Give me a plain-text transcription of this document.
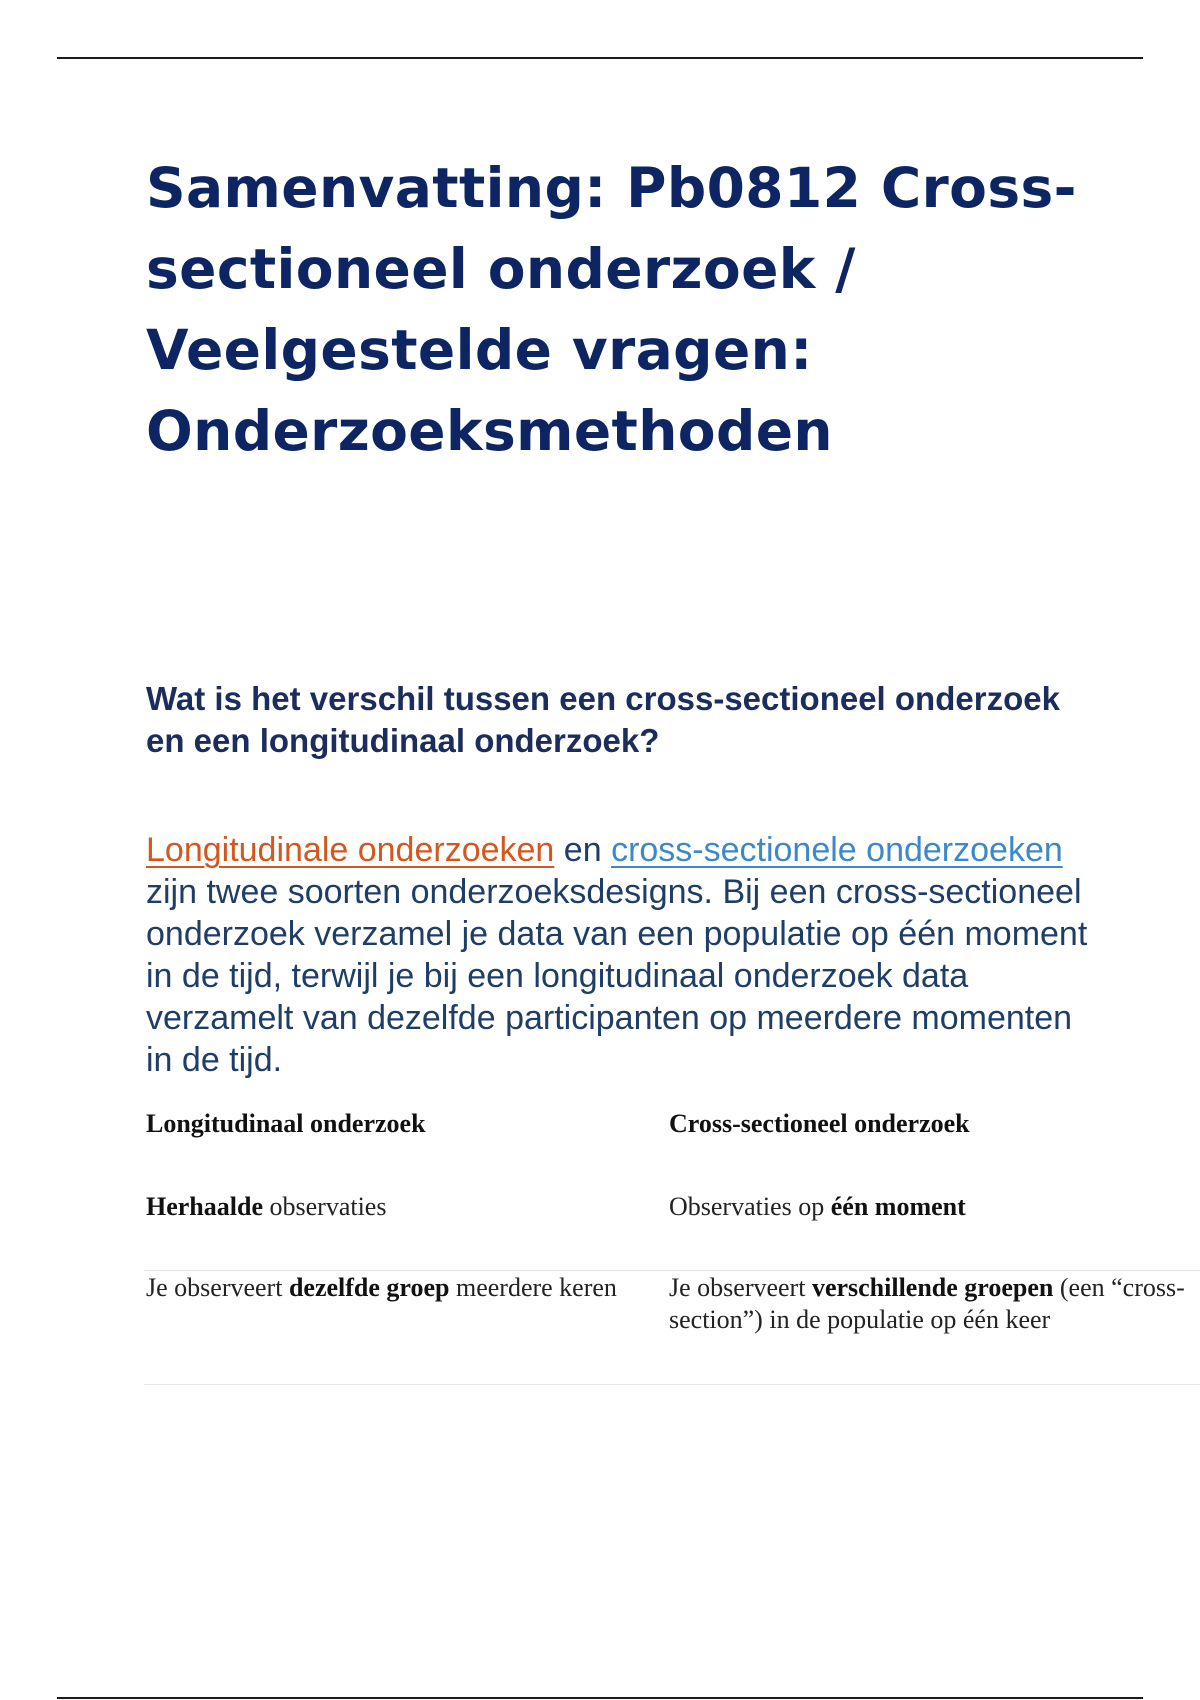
Samenvatting: Pb0812 Cross-sectioneel onderzoek / Veelgestelde vragen: Onderzoeksmethoden
Wat is het verschil tussen een cross-sectioneel onderzoek en een longitudinaal onderzoek?

Longitudinale onderzoeken en cross-sectionele onderzoeken zijn twee soorten onderzoeksdesigns. Bij een cross-sectioneel onderzoek verzamel je data van een populatie op één moment in de tijd, terwijl je bij een longitudinaal onderzoek data verzamelt van dezelfde participanten op meerdere momenten in de tijd.

Longitudinaal onderzoek	Cross-sectioneel onderzoek
Herhaalde observaties	Observaties op één moment
Je observeert dezelfde groep meerdere keren	Je observeert verschillende groepen (een “cross-section”) in de populatie op één keer
